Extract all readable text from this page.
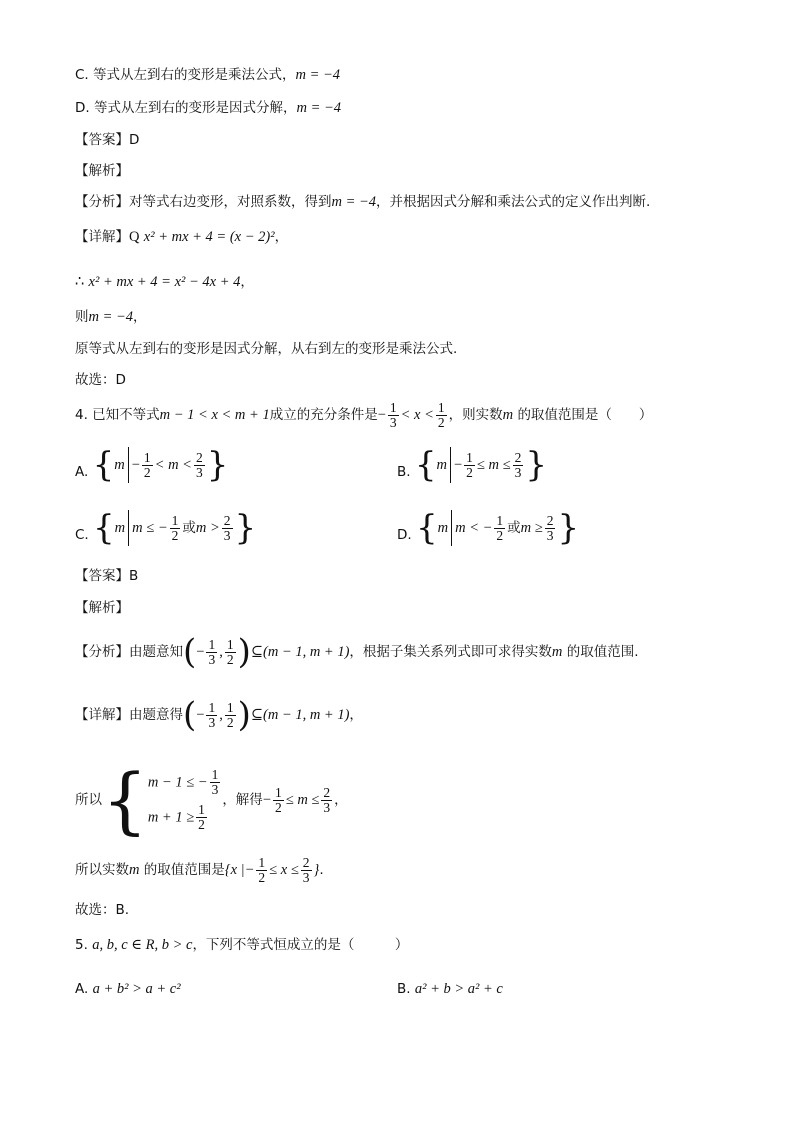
C. 等式从左到右的变形是乘法公式，m = −4
D. 等式从左到右的变形是因式分解，m = −4
【答案】D
【解析】
【分析】对等式右边变形，对照系数，得到m = −4，并根据因式分解和乘法公式的定义作出判断.
【详解】Q x² + mx + 4 = (x − 2)²，
∴ x² + mx + 4 = x² − 4x + 4，
则m = −4，
原等式从左到右的变形是因式分解，从右到左的变形是乘法公式.
故选：D
4. 已知不等式m − 1 < x < m + 1成立的充分条件是− $\frac{1}{3} < x < \frac{1}{2}$ ，则实数m 的取值范围是（　　）
A. { $m - \frac{1}{2} < m < \frac{2}{3}$ }	B. { $m - \frac{1}{2} \le m \le \frac{2}{3}$ }
C. { m m ≤ − $\frac{1}{2}$ 或 $m > \frac{2}{3}$ }	D. { m m < − $\frac{1}{2}$ 或 $m \ge \frac{2}{3}$ }
【答案】B
【解析】
【分析】由题意知(− $\frac{1}{3}$ , $\frac{1}{2}$ )⊆(m − 1, m + 1)，根据子集关系列式即可求得实数m 的取值范围.
【详解】由题意得(− $\frac{1}{3}$ , $\frac{1}{2}$ )⊆(m − 1, m + 1)，
所以 { m − 1 ≤ − $\frac{1}{3}$
$m + 1 \ge \frac{1}{2}$
，解得 − $\frac{1}{2} \le m \le \frac{2}{3}$ ，
所以实数m 的取值范围是{x |− $\frac{1}{2} \le x \le \frac{2}{3}$ }.
故选：B.
5. a, b, c ∈ R, b > c，下列不等式恒成立的是（　　　）
A. a + b² > a + c²	B. a² + b > a² + c
